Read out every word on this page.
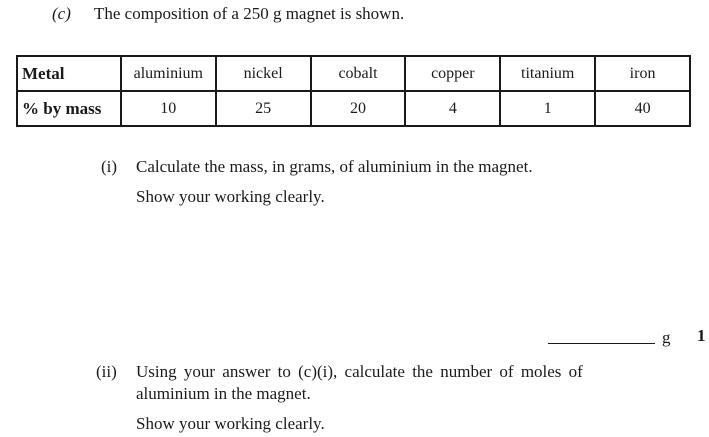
(c)	The composition of a 250 g magnet is shown.
Metal	aluminium	nickel	cobalt	copper	titanium	iron
% by mass	10	25	20	4	1	40
(i) Calculate the mass, in grams, of aluminium in the magnet.
Show your working clearly.
g 1
(ii) Using your answer to (c)(i), calculate the number of moles of
aluminium in the magnet.
Show your working clearly.
